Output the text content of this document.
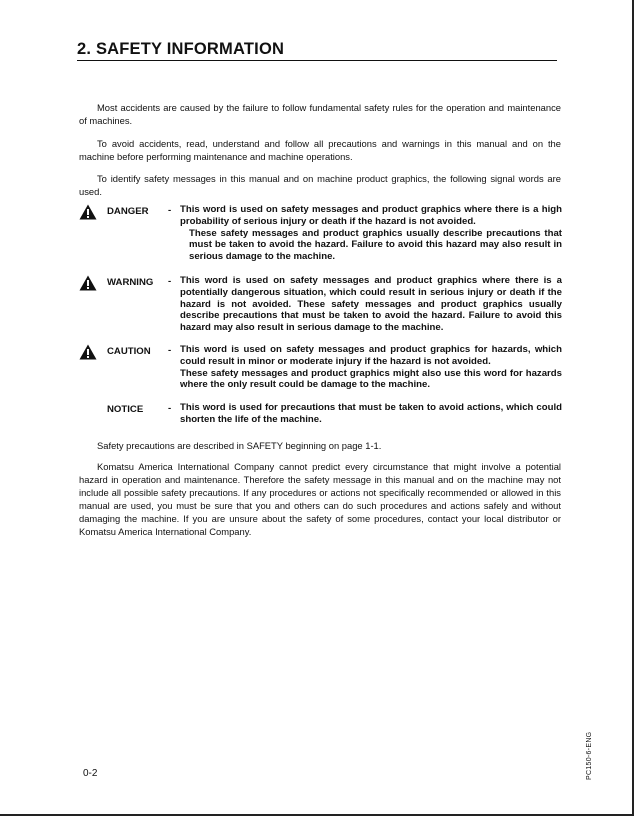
2. SAFETY INFORMATION
Most accidents are caused by the failure to follow fundamental safety rules for the operation and maintenance of machines.
To avoid accidents, read, understand and follow all precautions and warnings in this manual and on the machine before performing maintenance and machine operations.
To identify safety messages in this manual and on machine product graphics, the following signal words are used.
DANGER - This word is used on safety messages and product graphics where there is a high probability of serious injury or death if the hazard is not avoided.
These safety messages and product graphics usually describe precautions that must be taken to avoid the hazard. Failure to avoid this hazard may also result in serious damage to the machine.
WARNING - This word is used on safety messages and product graphics where there is a potentially dangerous situation, which could result in serious injury or death if the hazard is not avoided. These safety messages and product graphics usually describe precautions that must be taken to avoid the hazard. Failure to avoid this hazard may also result in serious damage to the machine.
CAUTION - This word is used on safety messages and product graphics for hazards, which could result in minor or moderate injury if the hazard is not avoided.
These safety messages and product graphics might also use this word for hazards where the only result could be damage to the machine.
NOTICE	- This word is used for precautions that must be taken to avoid actions, which could shorten the life of the machine.
Safety precautions are described in SAFETY beginning on page 1-1.
Komatsu America International Company cannot predict every circumstance that might involve a potential hazard in operation and maintenance. Therefore the safety message in this manual and on the machine may not include all possible safety precautions. If any procedures or actions not specifically recommended or allowed in this manual are used, you must be sure that you and others can do such procedures and actions safely and without damaging the machine. If you are unsure about the safety of some procedures, contact your local distributor or Komatsu America International Company.
0-2	PC150-6-ENG
